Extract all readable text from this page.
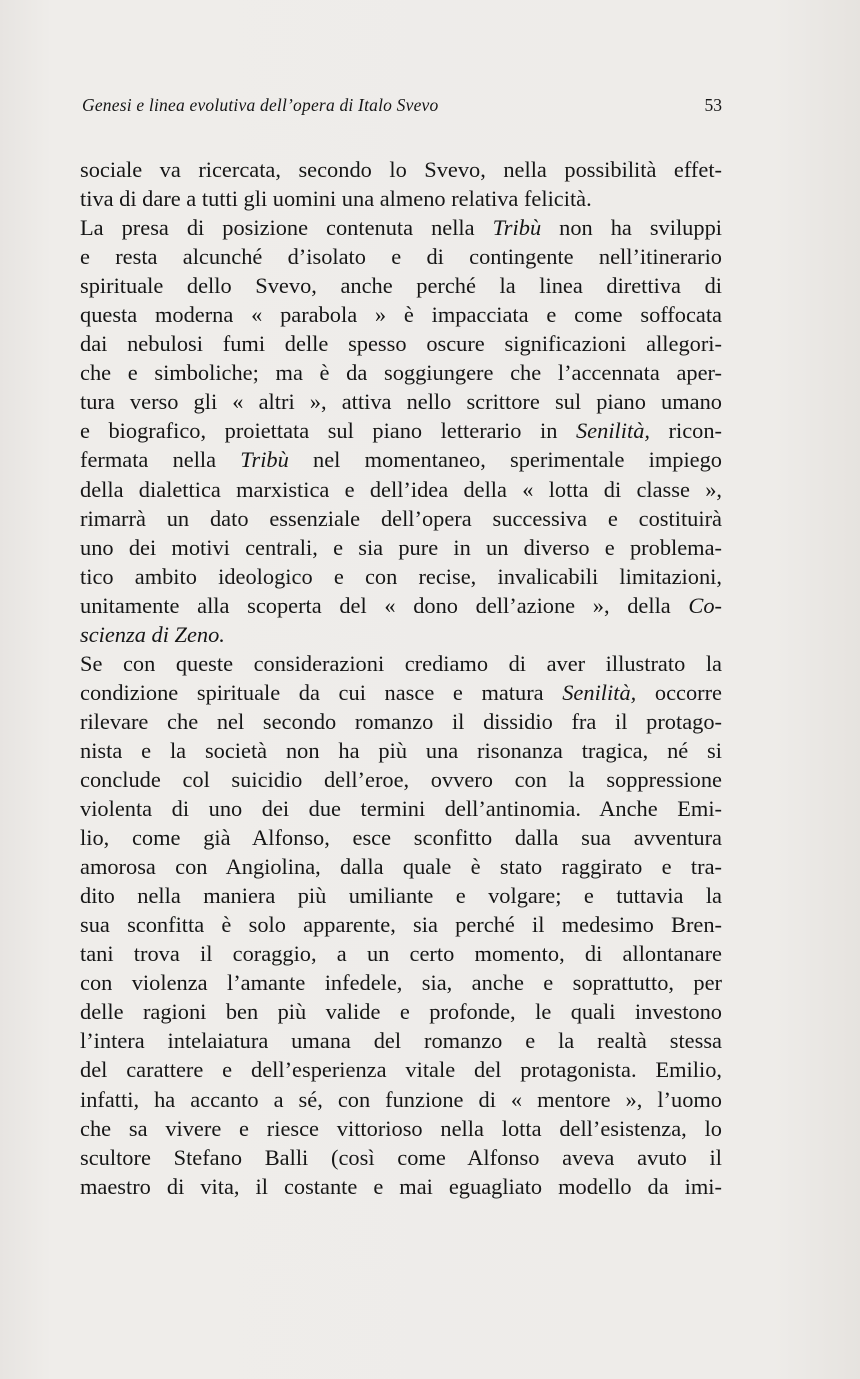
Genesi e linea evolutiva dell’opera di Italo Svevo	53
sociale va ricercata, secondo lo Svevo, nella possibilità effet-
tiva di dare a tutti gli uomini una almeno relativa felicità.
La presa di posizione contenuta nella Tribù non ha sviluppi
e resta alcunché d’isolato e di contingente nell’itinerario
spirituale dello Svevo, anche perché la linea direttiva di
questa moderna « parabola » è impacciata e come soffocata
dai nebulosi fumi delle spesso oscure significazioni allegori-
che e simboliche; ma è da soggiungere che l’accennata aper-
tura verso gli « altri », attiva nello scrittore sul piano umano
e biografico, proiettata sul piano letterario in Senilità, ricon-
fermata nella Tribù nel momentaneo, sperimentale impiego
della dialettica marxistica e dell’idea della « lotta di classe »,
rimarrà un dato essenziale dell’opera successiva e costituirà
uno dei motivi centrali, e sia pure in un diverso e problema-
tico ambito ideologico e con recise, invalicabili limitazioni,
unitamente alla scoperta del « dono dell’azione », della Co-
scienza di Zeno.
Se con queste considerazioni crediamo di aver illustrato la
condizione spirituale da cui nasce e matura Senilità, occorre
rilevare che nel secondo romanzo il dissidio fra il protago-
nista e la società non ha più una risonanza tragica, né si
conclude col suicidio dell’eroe, ovvero con la soppressione
violenta di uno dei due termini dell’antinomia. Anche Emi-
lio, come già Alfonso, esce sconfitto dalla sua avventura
amorosa con Angiolina, dalla quale è stato raggirato e tra-
dito nella maniera più umiliante e volgare; e tuttavia la
sua sconfitta è solo apparente, sia perché il medesimo Bren-
tani trova il coraggio, a un certo momento, di allontanare
con violenza l’amante infedele, sia, anche e soprattutto, per
delle ragioni ben più valide e profonde, le quali investono
l’intera intelaiatura umana del romanzo e la realtà stessa
del carattere e dell’esperienza vitale del protagonista. Emilio,
infatti, ha accanto a sé, con funzione di « mentore », l’uomo
che sa vivere e riesce vittorioso nella lotta dell’esistenza, lo
scultore Stefano Balli (così come Alfonso aveva avuto il
maestro di vita, il costante e mai eguagliato modello da imi-
